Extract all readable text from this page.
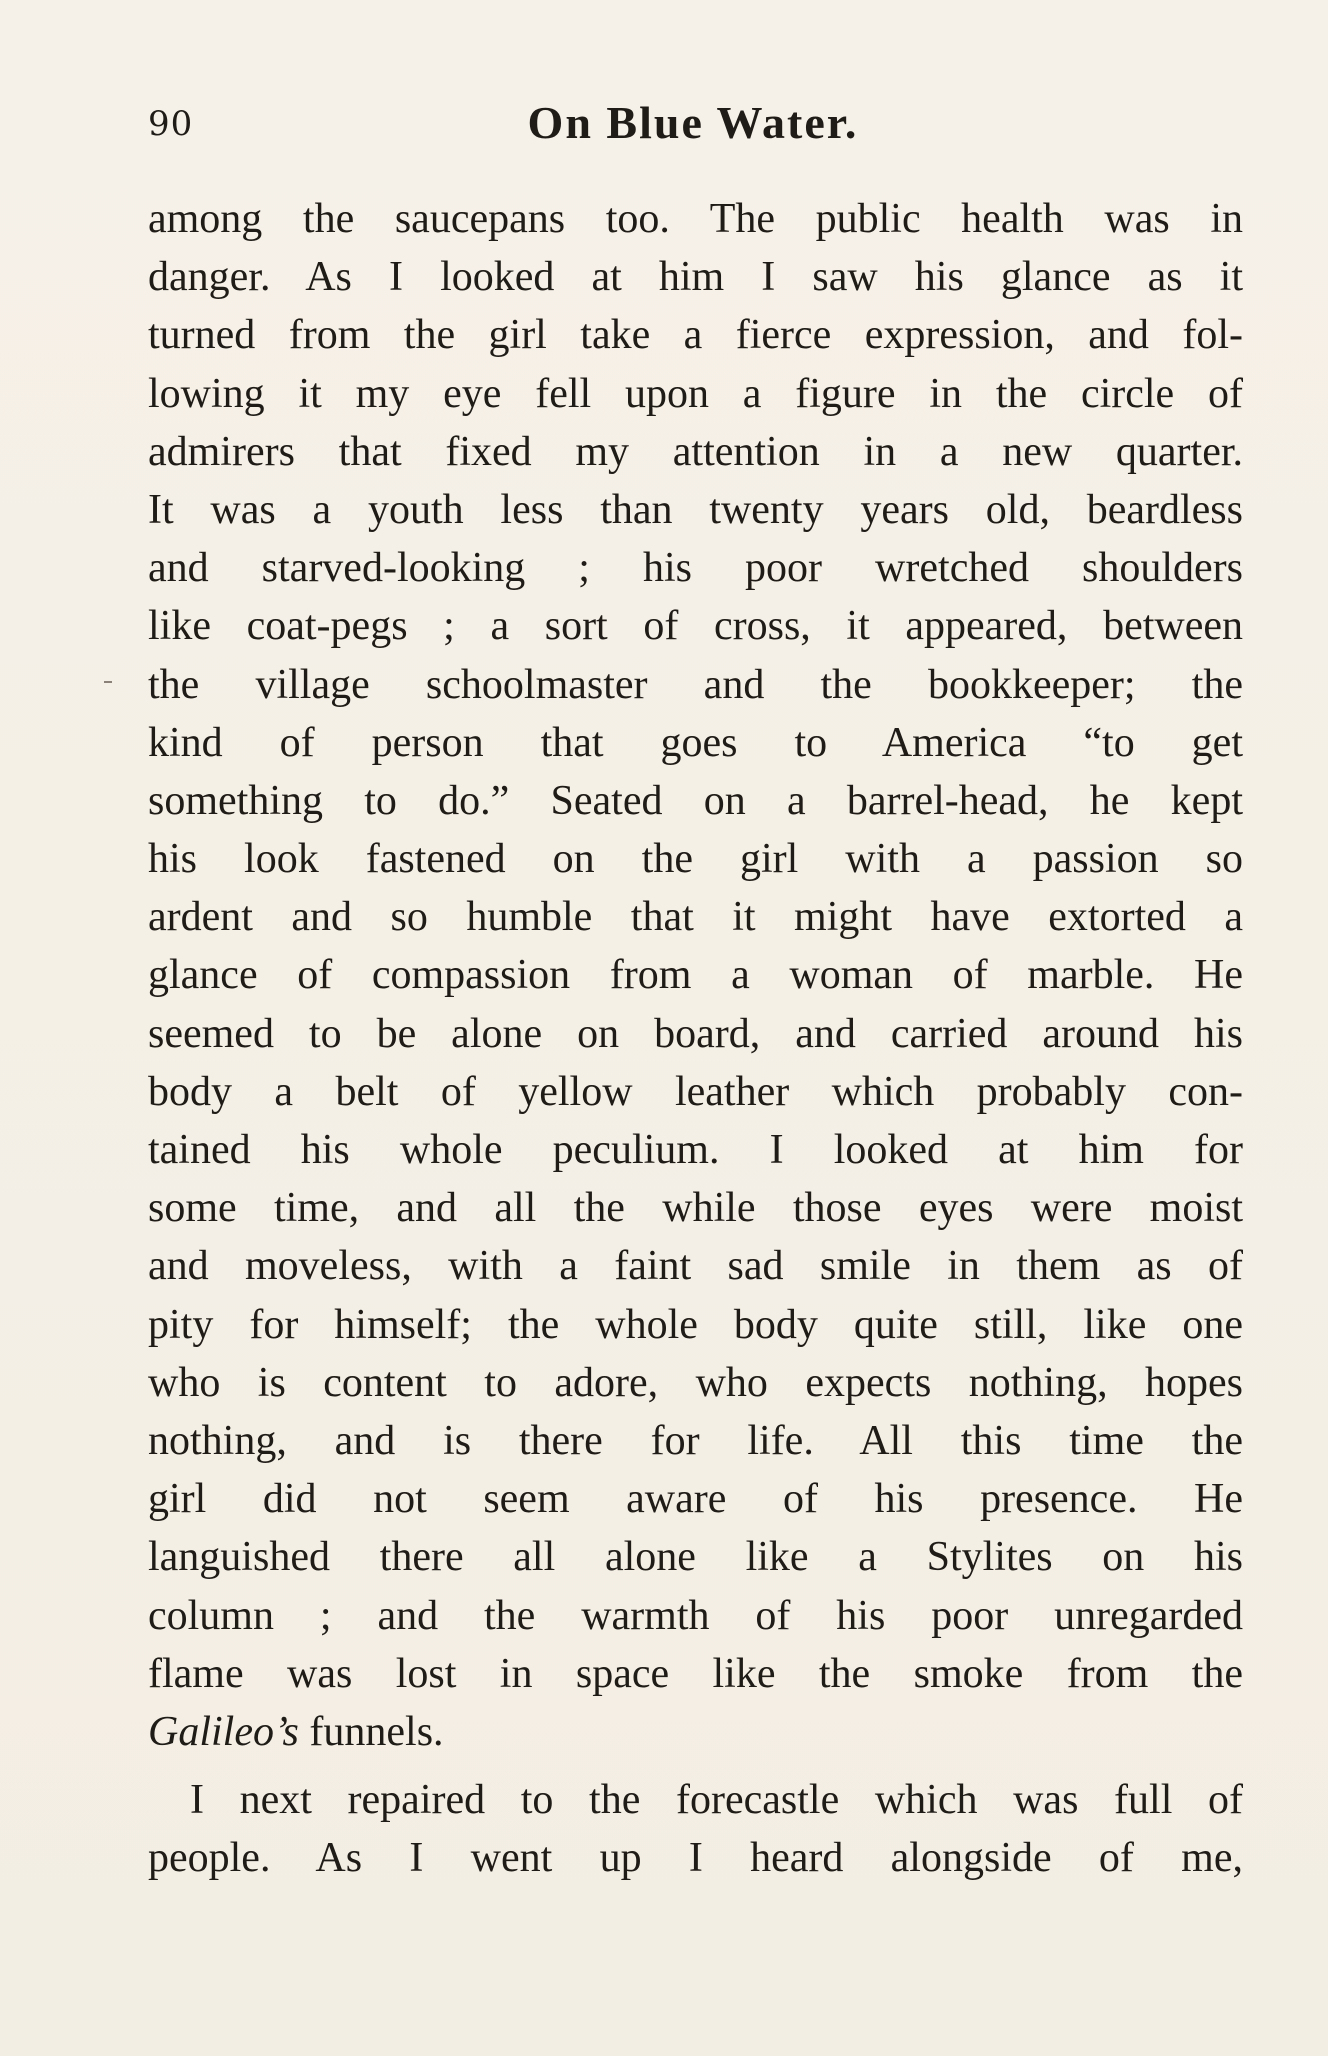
90	On Blue Water.
among the saucepans too. The public health was in
danger. As I looked at him I saw his glance as it
turned from the girl take a fierce expression, and fol-
lowing it my eye fell upon a figure in the circle of
admirers that fixed my attention in a new quarter.
It was a youth less than twenty years old, beardless
and starved-looking ; his poor wretched shoulders
like coat-pegs ; a sort of cross, it appeared, between
the village schoolmaster and the bookkeeper; the
kind of person that goes to America “to get
something to do.” Seated on a barrel-head, he kept
his look fastened on the girl with a passion so
ardent and so humble that it might have extorted a
glance of compassion from a woman of marble. He
seemed to be alone on board, and carried around his
body a belt of yellow leather which probably con-
tained his whole peculium. I looked at him for
some time, and all the while those eyes were moist
and moveless, with a faint sad smile in them as of
pity for himself; the whole body quite still, like one
who is content to adore, who expects nothing, hopes
nothing, and is there for life. All this time the
girl did not seem aware of his presence. He
languished there all alone like a Stylites on his
column ; and the warmth of his poor unregarded
flame was lost in space like the smoke from the
Galileo’s funnels.
I next repaired to the forecastle which was full of
people. As I went up I heard alongside of me,
